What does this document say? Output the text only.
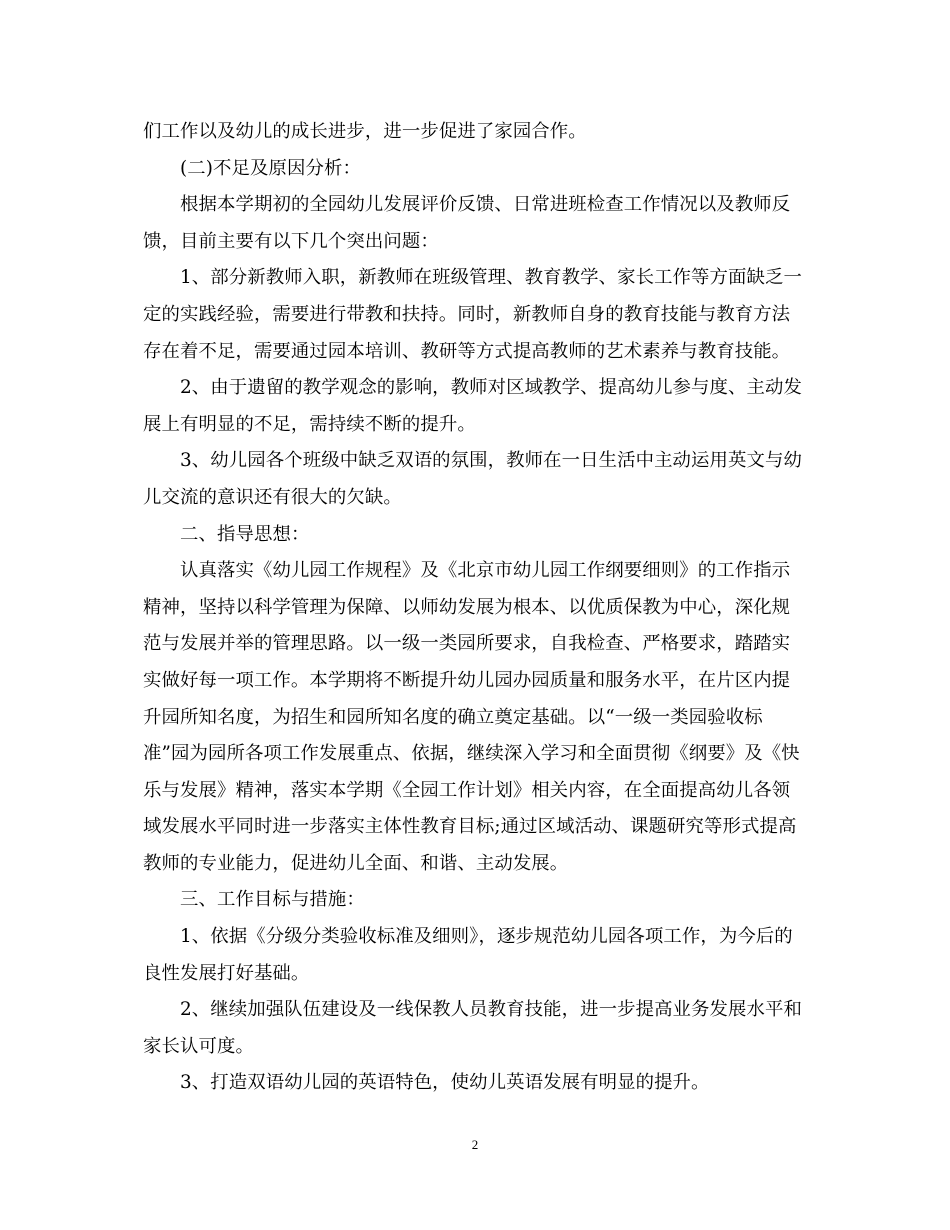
们工作以及幼儿的成长进步，进一步促进了家园合作。
(二)不足及原因分析：
根据本学期初的全园幼儿发展评价反馈、日常进班检查工作情况以及教师反
馈，目前主要有以下几个突出问题：
1、部分新教师入职，新教师在班级管理、教育教学、家长工作等方面缺乏一
定的实践经验，需要进行带教和扶持。同时，新教师自身的教育技能与教育方法
存在着不足，需要通过园本培训、教研等方式提高教师的艺术素养与教育技能。
2、由于遗留的教学观念的影响，教师对区域教学、提高幼儿参与度、主动发
展上有明显的不足，需持续不断的提升。
3、幼儿园各个班级中缺乏双语的氛围，教师在一日生活中主动运用英文与幼
儿交流的意识还有很大的欠缺。
二、指导思想：
认真落实《幼儿园工作规程》及《北京市幼儿园工作纲要细则》的工作指示
精神，坚持以科学管理为保障、以师幼发展为根本、以优质保教为中心，深化规
范与发展并举的管理思路。以一级一类园所要求，自我检查、严格要求，踏踏实
实做好每一项工作。本学期将不断提升幼儿园办园质量和服务水平，在片区内提
升园所知名度，为招生和园所知名度的确立奠定基础。以“一级一类园验收标
准”园为园所各项工作发展重点、依据，继续深入学习和全面贯彻《纲要》及《快
乐与发展》精神，落实本学期《全园工作计划》相关内容，在全面提高幼儿各领
域发展水平同时进一步落实主体性教育目标;通过区域活动、课题研究等形式提高
教师的专业能力，促进幼儿全面、和谐、主动发展。
三、工作目标与措施：
1、依据《分级分类验收标准及细则》，逐步规范幼儿园各项工作，为今后的
良性发展打好基础。
2、继续加强队伍建设及一线保教人员教育技能，进一步提高业务发展水平和
家长认可度。
3、打造双语幼儿园的英语特色，使幼儿英语发展有明显的提升。
2
